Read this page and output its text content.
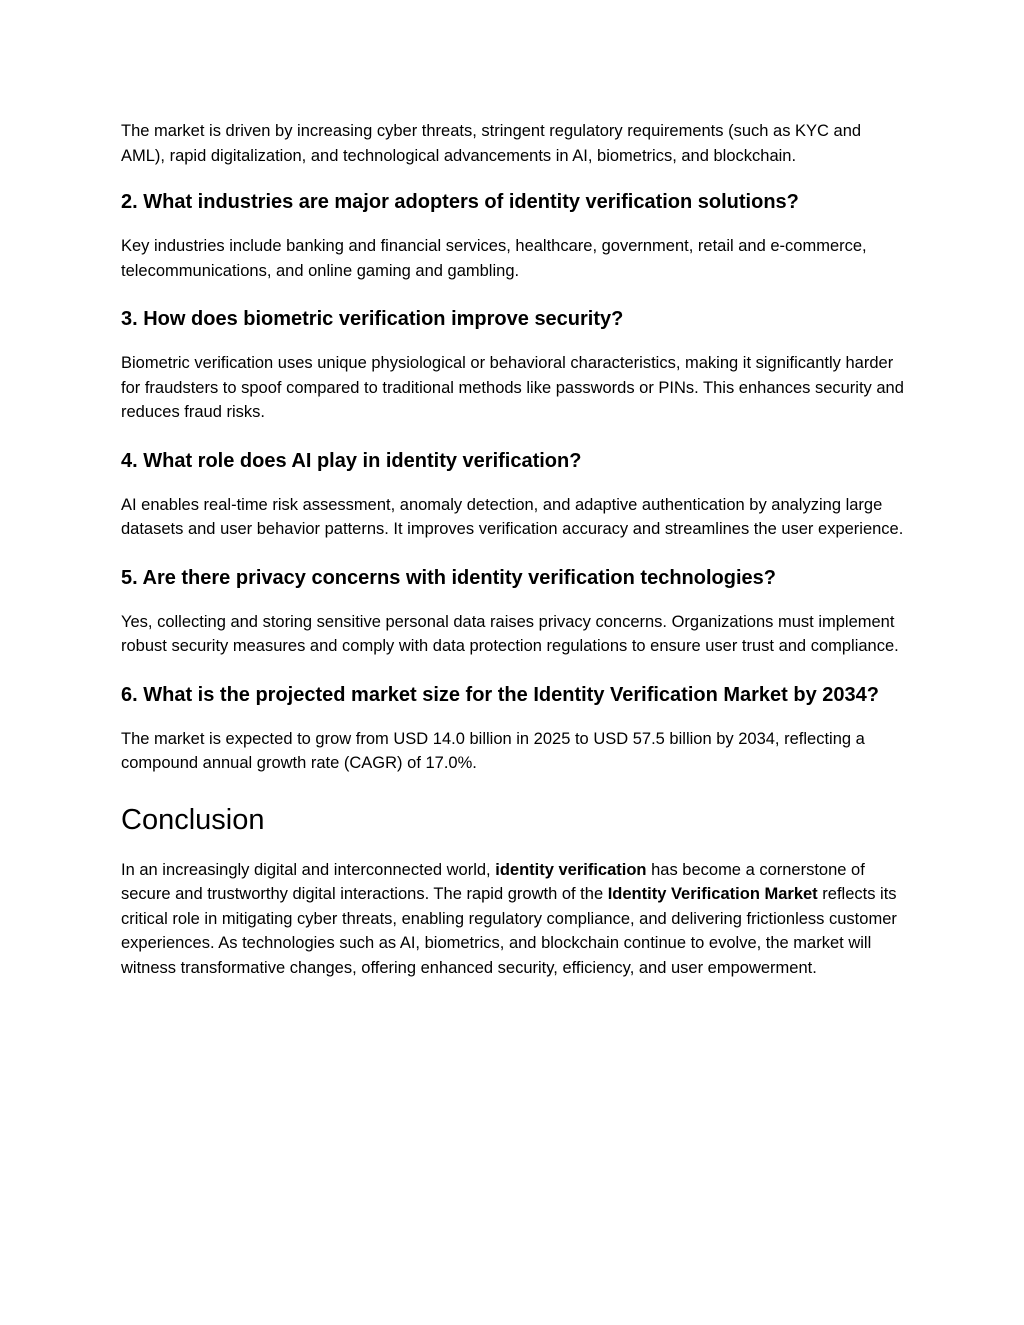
The market is driven by increasing cyber threats, stringent regulatory requirements (such as KYC and AML), rapid digitalization, and technological advancements in AI, biometrics, and blockchain.

2. What industries are major adopters of identity verification solutions?

Key industries include banking and financial services, healthcare, government, retail and e-commerce, telecommunications, and online gaming and gambling.

3. How does biometric verification improve security?

Biometric verification uses unique physiological or behavioral characteristics, making it significantly harder for fraudsters to spoof compared to traditional methods like passwords or PINs. This enhances security and reduces fraud risks.

4. What role does AI play in identity verification?

AI enables real-time risk assessment, anomaly detection, and adaptive authentication by analyzing large datasets and user behavior patterns. It improves verification accuracy and streamlines the user experience.

5. Are there privacy concerns with identity verification technologies?

Yes, collecting and storing sensitive personal data raises privacy concerns. Organizations must implement robust security measures and comply with data protection regulations to ensure user trust and compliance.

6. What is the projected market size for the Identity Verification Market by 2034?

The market is expected to grow from USD 14.0 billion in 2025 to USD 57.5 billion by 2034, reflecting a compound annual growth rate (CAGR) of 17.0%.

Conclusion

In an increasingly digital and interconnected world, identity verification has become a cornerstone of secure and trustworthy digital interactions. The rapid growth of the Identity Verification Market reflects its critical role in mitigating cyber threats, enabling regulatory compliance, and delivering frictionless customer experiences. As technologies such as AI, biometrics, and blockchain continue to evolve, the market will witness transformative changes, offering enhanced security, efficiency, and user empowerment.
